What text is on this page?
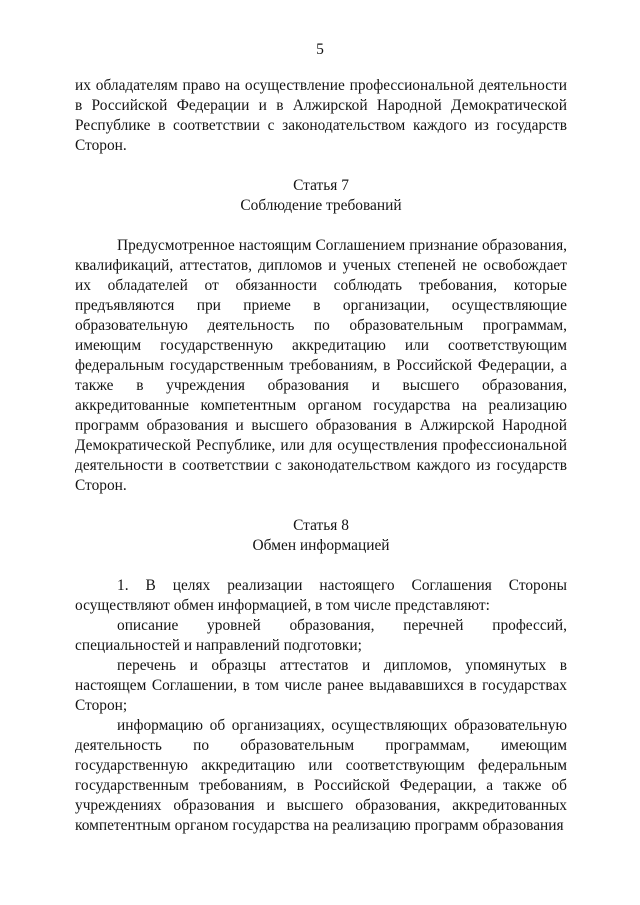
5

их обладателям право на осуществление профессиональной деятельности в Российской Федерации и в Алжирской Народной Демократической Республике в соответствии с законодательством каждого из государств Сторон.

Статья 7

Соблюдение требований

Предусмотренное настоящим Соглашением признание образования, квалификаций, аттестатов, дипломов и ученых степеней не освобождает их обладателей от обязанности соблюдать требования, которые предъявляются при приеме в организации, осуществляющие образовательную деятельность по образовательным программам, имеющим государственную аккредитацию или соответствующим федеральным государственным требованиям, в Российской Федерации, а также в учреждения образования и высшего образования, аккредитованные компетентным органом государства на реализацию программ образования и высшего образования в Алжирской Народной Демократической Республике, или для осуществления профессиональной деятельности в соответствии с законодательством каждого из государств Сторон.

Статья 8

Обмен информацией

1. В целях реализации настоящего Соглашения Стороны осуществляют обмен информацией, в том числе представляют:

описание уровней образования, перечней профессий, специальностей и направлений подготовки;

перечень и образцы аттестатов и дипломов, упомянутых в настоящем Соглашении, в том числе ранее выдававшихся в государствах Сторон;

информацию об организациях, осуществляющих образовательную деятельность по образовательным программам, имеющим государственную аккредитацию или соответствующим федеральным государственным требованиям, в Российской Федерации, а также об учреждениях образования и высшего образования, аккредитованных компетентным органом государства на реализацию программ образования
